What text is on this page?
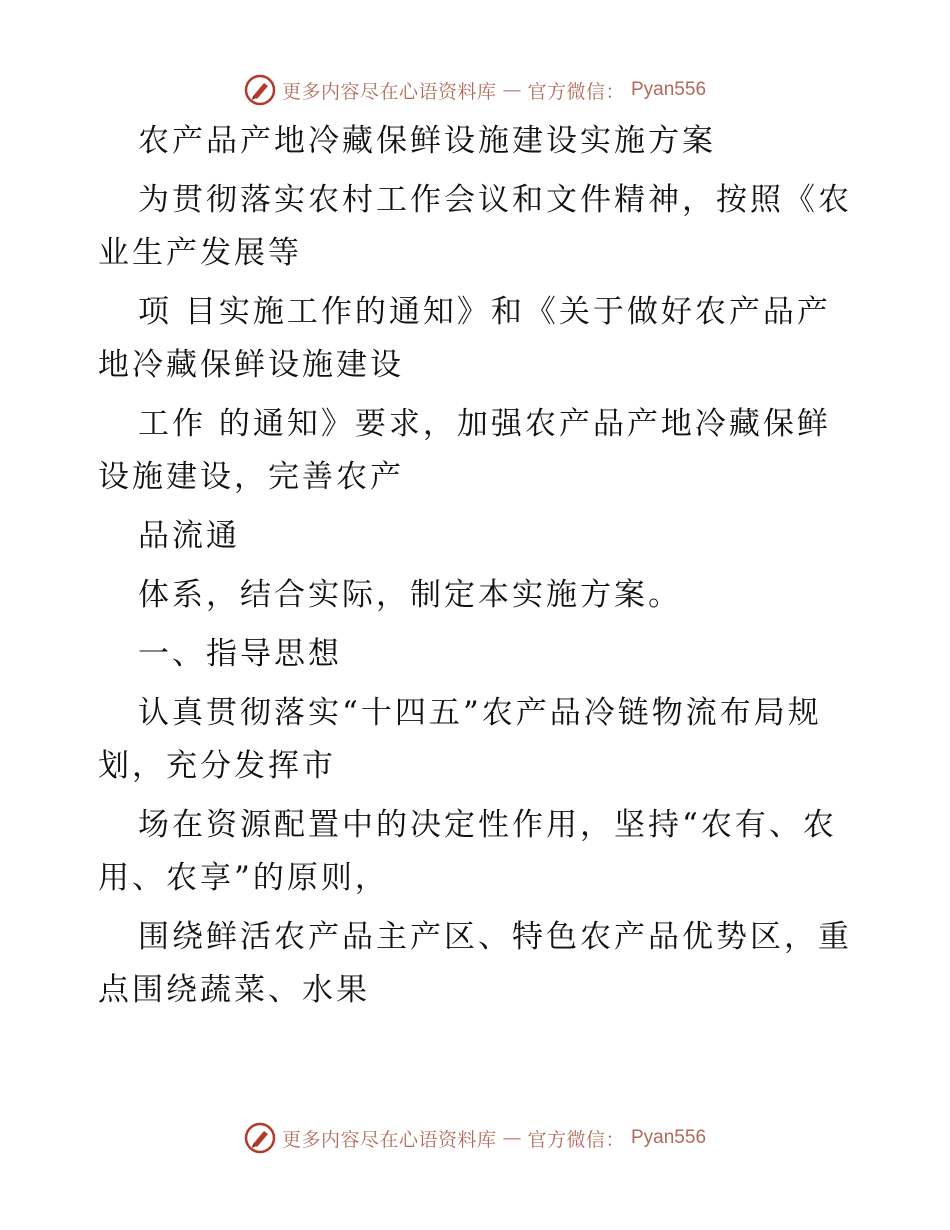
更多内容尽在心语资料库 — 官方微信： Pyan556
农产品产地冷藏保鲜设施建设实施方案
为贯彻落实农村工作会议和文件精神，按照《农
业生产发展等
项 目实施工作的通知》和《关于做好农产品产
地冷藏保鲜设施建设
工作 的通知》要求，加强农产品产地冷藏保鲜
设施建设，完善农产
品流通
体系，结合实际，制定本实施方案。
一、指导思想
认真贯彻落实“十四五”农产品冷链物流布局规
划，充分发挥市
场在资源配置中的决定性作用，坚持“农有、农
用、农享”的原则，
围绕鲜活农产品主产区、特色农产品优势区，重
点围绕蔬菜、水果
更多内容尽在心语资料库 — 官方微信： Pyan556
